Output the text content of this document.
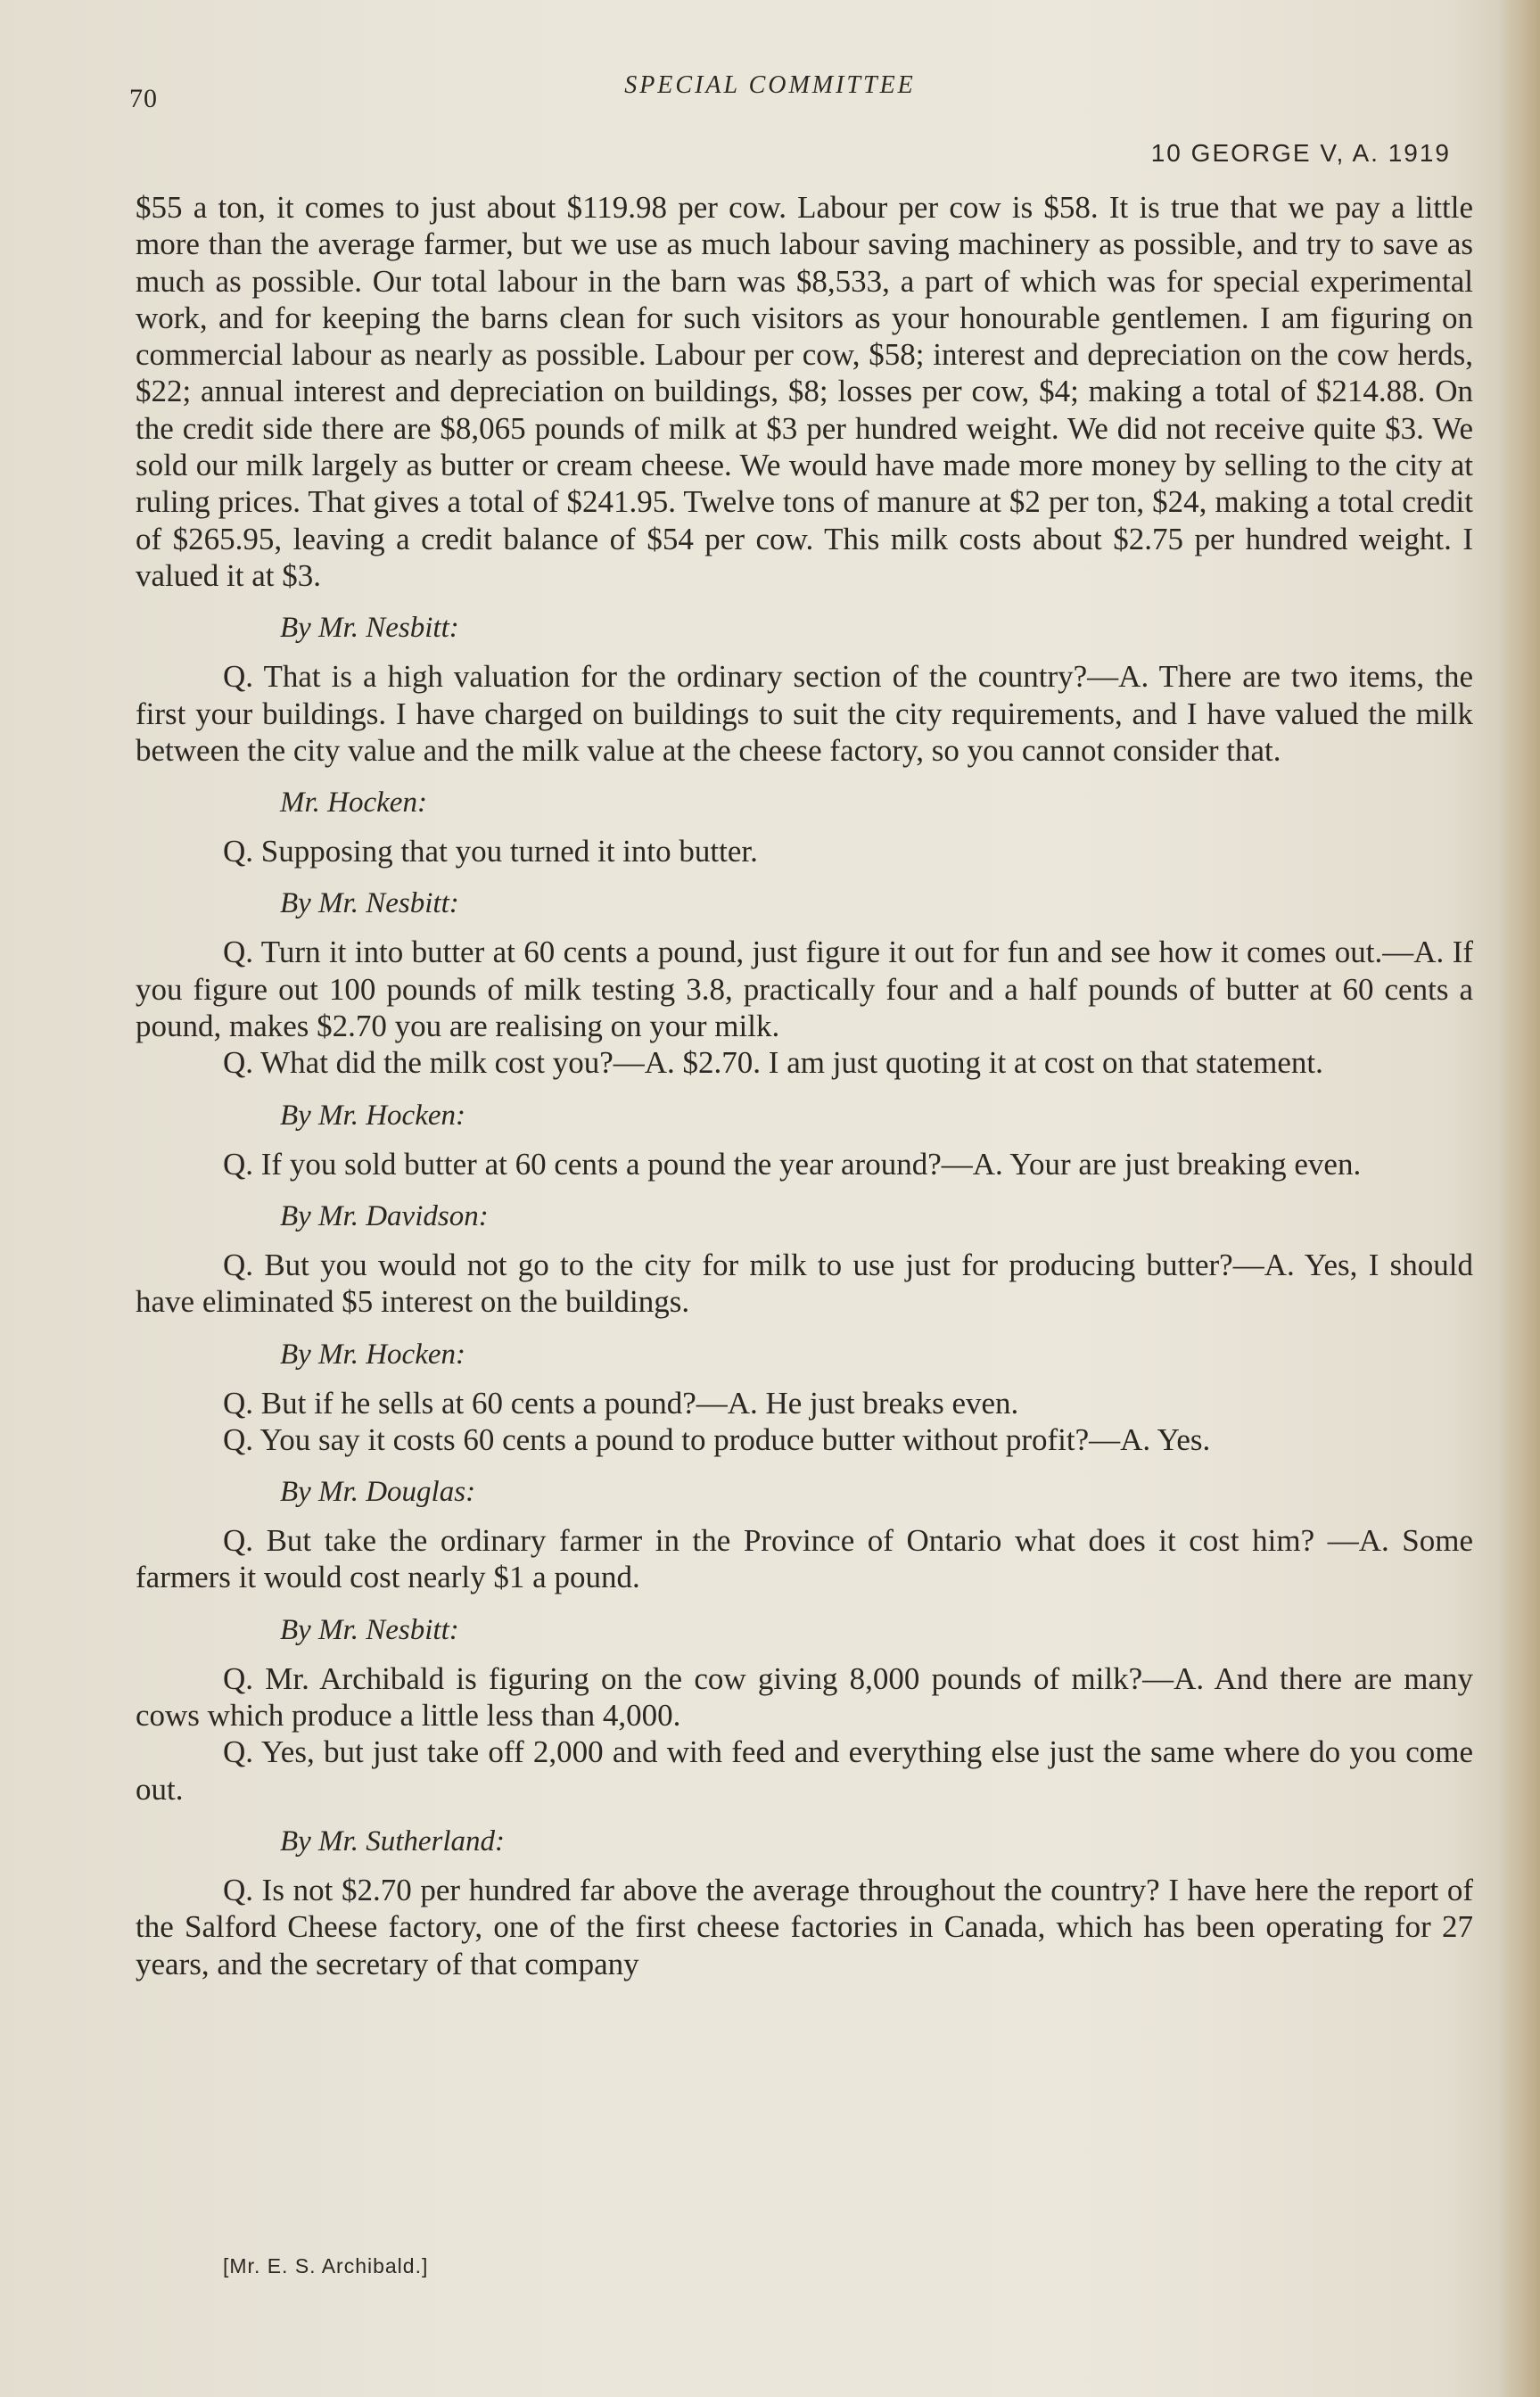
70	SPECIAL COMMITTEE
10 GEORGE V, A. 1919

$55 a ton, it comes to just about $119.98 per cow. Labour per cow is $58. It is true that we pay a little more than the average farmer, but we use as much labour saving machinery as possible, and try to save as much as possible. Our total labour in the barn was $8,533, a part of which was for special experimental work, and for keeping the barns clean for such visitors as your honourable gentlemen. I am figuring on commercial labour as nearly as possible. Labour per cow, $58; interest and depreciation on the cow herds, $22; annual interest and depreciation on buildings, $8; losses per cow, $4; making a total of $214.88. On the credit side there are $8,065 pounds of milk at $3 per hundred weight. We did not receive quite $3. We sold our milk largely as butter or cream cheese. We would have made more money by selling to the city at ruling prices. That gives a total of $241.95. Twelve tons of manure at $2 per ton, $24, making a total credit of $265.95, leaving a credit balance of $54 per cow. This milk costs about $2.75 per hundred weight. I valued it at $3.

By Mr. Nesbitt:

Q. That is a high valuation for the ordinary section of the country?—A. There are two items, the first your buildings. I have charged on buildings to suit the city requirements, and I have valued the milk between the city value and the milk value at the cheese factory, so you cannot consider that.

Mr. Hocken:

Q. Supposing that you turned it into butter.

By Mr. Nesbitt:

Q. Turn it into butter at 60 cents a pound, just figure it out for fun and see how it comes out.—A. If you figure out 100 pounds of milk testing 3.8, practically four and a half pounds of butter at 60 cents a pound, makes $2.70 you are realising on your milk.

Q. What did the milk cost you?—A. $2.70. I am just quoting it at cost on that statement.

By Mr. Hocken:

Q. If you sold butter at 60 cents a pound the year around?—A. Your are just breaking even.

By Mr. Davidson:

Q. But you would not go to the city for milk to use just for producing butter?—A. Yes, I should have eliminated $5 interest on the buildings.

By Mr. Hocken:

Q. But if he sells at 60 cents a pound?—A. He just breaks even.

Q. You say it costs 60 cents a pound to produce butter without profit?—A. Yes.

By Mr. Douglas:

Q. But take the ordinary farmer in the Province of Ontario what does it cost him? —A. Some farmers it would cost nearly $1 a pound.

By Mr. Nesbitt:

Q. Mr. Archibald is figuring on the cow giving 8,000 pounds of milk?—A. And there are many cows which produce a little less than 4,000.

Q. Yes, but just take off 2,000 and with feed and everything else just the same where do you come out.

By Mr. Sutherland:

Q. Is not $2.70 per hundred far above the average throughout the country? I have here the report of the Salford Cheese factory, one of the first cheese factories in Canada, which has been operating for 27 years, and the secretary of that company

[Mr. E. S. Archibald.]
